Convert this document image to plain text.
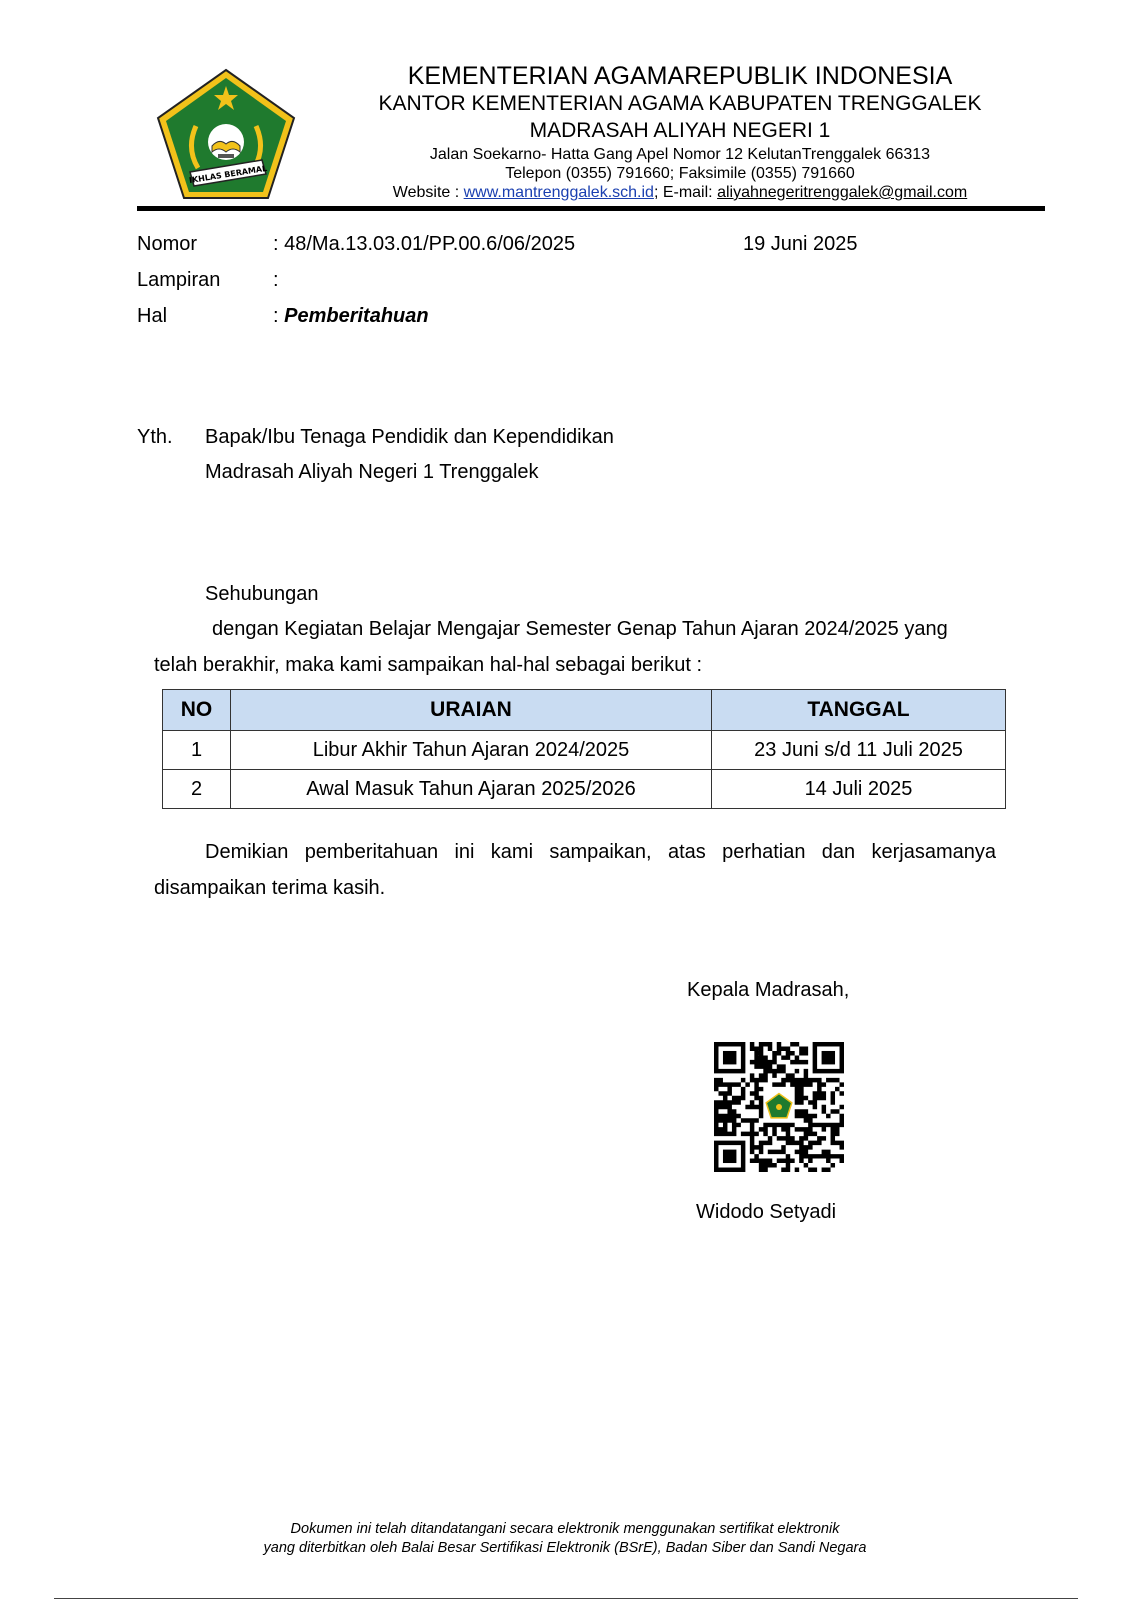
IKHLAS BERAMAL
KEMENTERIAN AGAMAREPUBLIK INDONESIA
KANTOR KEMENTERIAN AGAMA KABUPATEN TRENGGALEK
MADRASAH ALIYAH NEGERI 1
Jalan Soekarno- Hatta Gang Apel Nomor 12 KelutanTrenggalek 66313
Telepon (0355) 791660; Faksimile (0355) 791660
Website : www.mantrenggalek.sch.id; E-mail: aliyahnegeritrenggalek@gmail.com
Nomor	: 48/Ma.13.03.01/PP.00.6/06/2025	19 Juni 2025
Lampiran	:
Hal	: Pemberitahuan
Yth. Bapak/Ibu Tenaga Pendidik dan Kependidikan
Madrasah Aliyah Negeri 1 Trenggalek
Sehubungan
dengan Kegiatan Belajar Mengajar Semester Genap Tahun Ajaran 2024/2025 yang
telah berakhir, maka kami sampaikan hal-hal sebagai berikut :
NO	URAIAN	TANGGAL
1	Libur Akhir Tahun Ajaran 2024/2025	23 Juni s/d 11 Juli 2025
2	Awal Masuk Tahun Ajaran 2025/2026	14 Juli 2025
Demikian pemberitahuan ini kami sampaikan, atas perhatian dan kerjasamanya
disampaikan terima kasih.
Kepala Madrasah,
Widodo Setyadi
Dokumen ini telah ditandatangani secara elektronik menggunakan sertifikat elektronik
yang diterbitkan oleh Balai Besar Sertifikasi Elektronik (BSrE), Badan Siber dan Sandi Negara
